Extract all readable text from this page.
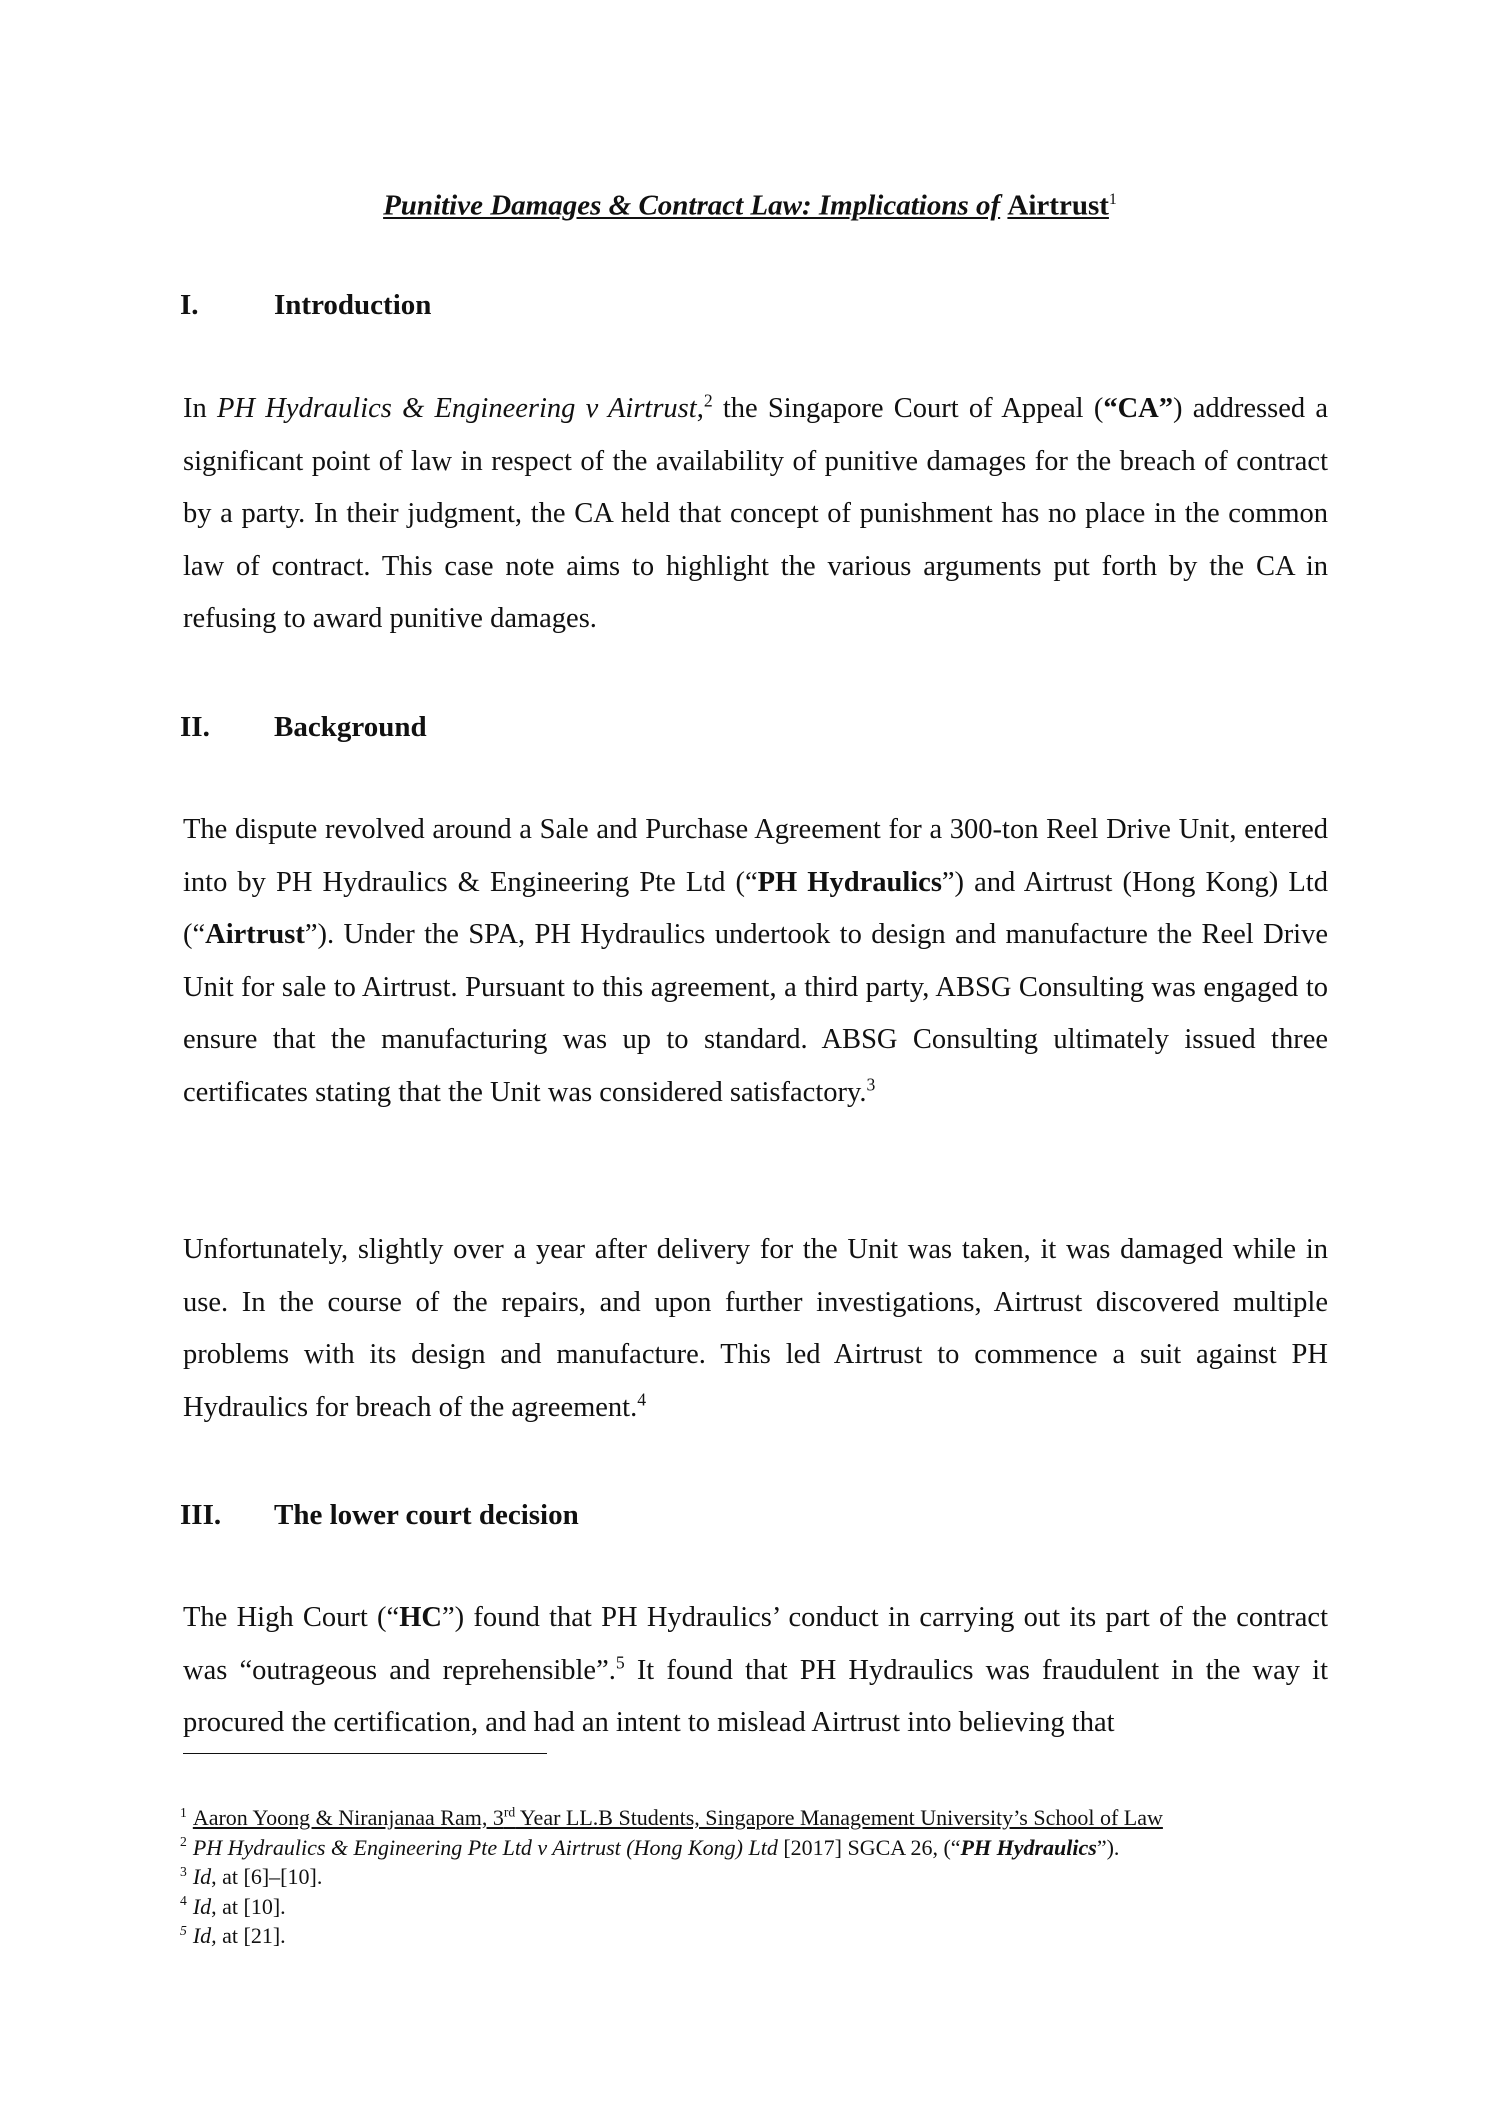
Punitive Damages & Contract Law: Implications of Airtrust$^1$
I.	Introduction

In PH Hydraulics & Engineering v Airtrust,$^2$ the Singapore Court of Appeal (“CA”) addressed a significant point of law in respect of the availability of punitive damages for the breach of contract by a party. In their judgment, the CA held that concept of punishment has no place in the common law of contract. This case note aims to highlight the various arguments put forth by the CA in refusing to award punitive damages.

II. Background

The dispute revolved around a Sale and Purchase Agreement for a 300-ton Reel Drive Unit, entered into by PH Hydraulics & Engineering Pte Ltd (“PH Hydraulics”) and Airtrust (Hong Kong) Ltd (“Airtrust”). Under the SPA, PH Hydraulics undertook to design and manufacture the Reel Drive Unit for sale to Airtrust. Pursuant to this agreement, a third party, ABSG Consulting was engaged to ensure that the manufacturing was up to standard. ABSG Consulting ultimately issued three certificates stating that the Unit was considered satisfactory.$^3$

Unfortunately, slightly over a year after delivery for the Unit was taken, it was damaged while in use. In the course of the repairs, and upon further investigations, Airtrust discovered multiple problems with its design and manufacture. This led Airtrust to commence a suit against PH Hydraulics for breach of the agreement.$^4$

III. The lower court decision

The High Court (“HC”) found that PH Hydraulics’ conduct in carrying out its part of the contract was “outrageous and reprehensible”.$^5$ It found that PH Hydraulics was fraudulent in the way it procured the certification, and had an intent to mislead Airtrust into believing that

$^1$ Aaron Yoong & Niranjanaa Ram, 3rd Year LL.B Students, Singapore Management University’s School of Law
$^2$ PH Hydraulics & Engineering Pte Ltd v Airtrust (Hong Kong) Ltd [2017] SGCA 26, (“PH Hydraulics”).
$^3$ Id, at [6]–[10].
$^4$ Id, at [10].
$^5$ Id, at [21].
